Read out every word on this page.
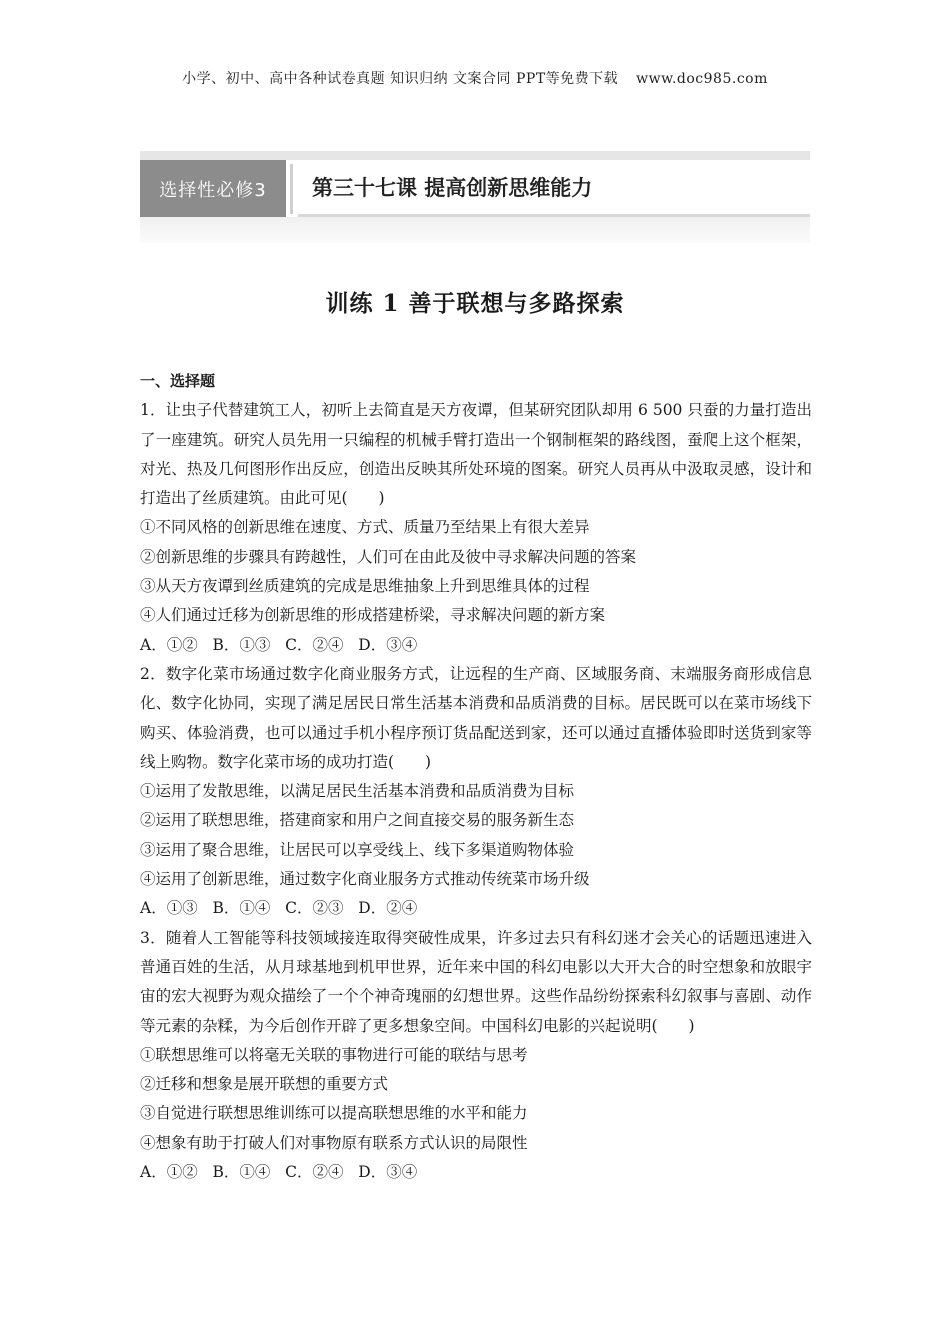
小学、初中、高中各种试卷真题 知识归纳 文案合同 PPT等免费下载 www.doc985.com
选择性必修3	第三十七课 提高创新思维能力
训练 1 善于联想与多路探索
一、选择题
1．让虫子代替建筑工人，初听上去简直是天方夜谭，但某研究团队却用 6 500 只蚕的力量打造出了一座建筑。研究人员先用一只编程的机械手臂打造出一个钢制框架的路线图，蚕爬上这个框架，对光、热及几何图形作出反应，创造出反映其所处环境的图案。研究人员再从中汲取灵感，设计和打造出了丝质建筑。由此可见(　　)
①不同风格的创新思维在速度、方式、质量乃至结果上有很大差异
②创新思维的步骤具有跨越性，人们可在由此及彼中寻求解决问题的答案
③从天方夜谭到丝质建筑的完成是思维抽象上升到思维具体的过程
④人们通过迁移为创新思维的形成搭建桥梁，寻求解决问题的新方案
A．①②   B．①③   C．②④   D．③④
2．数字化菜市场通过数字化商业服务方式，让远程的生产商、区域服务商、末端服务商形成信息化、数字化协同，实现了满足居民日常生活基本消费和品质消费的目标。居民既可以在菜市场线下购买、体验消费，也可以通过手机小程序预订货品配送到家，还可以通过直播体验即时送货到家等线上购物。数字化菜市场的成功打造(　　)
①运用了发散思维，以满足居民生活基本消费和品质消费为目标
②运用了联想思维，搭建商家和用户之间直接交易的服务新生态
③运用了聚合思维，让居民可以享受线上、线下多渠道购物体验
④运用了创新思维，通过数字化商业服务方式推动传统菜市场升级
A．①③   B．①④   C．②③   D．②④
3．随着人工智能等科技领域接连取得突破性成果，许多过去只有科幻迷才会关心的话题迅速进入普通百姓的生活，从月球基地到机甲世界，近年来中国的科幻电影以大开大合的时空想象和放眼宇宙的宏大视野为观众描绘了一个个神奇瑰丽的幻想世界。这些作品纷纷探索科幻叙事与喜剧、动作等元素的杂糅，为今后创作开辟了更多想象空间。中国科幻电影的兴起说明(　　)
①联想思维可以将毫无关联的事物进行可能的联结与思考
②迁移和想象是展开联想的重要方式
③自觉进行联想思维训练可以提高联想思维的水平和能力
④想象有助于打破人们对事物原有联系方式认识的局限性
A．①②   B．①④   C．②④   D．③④
